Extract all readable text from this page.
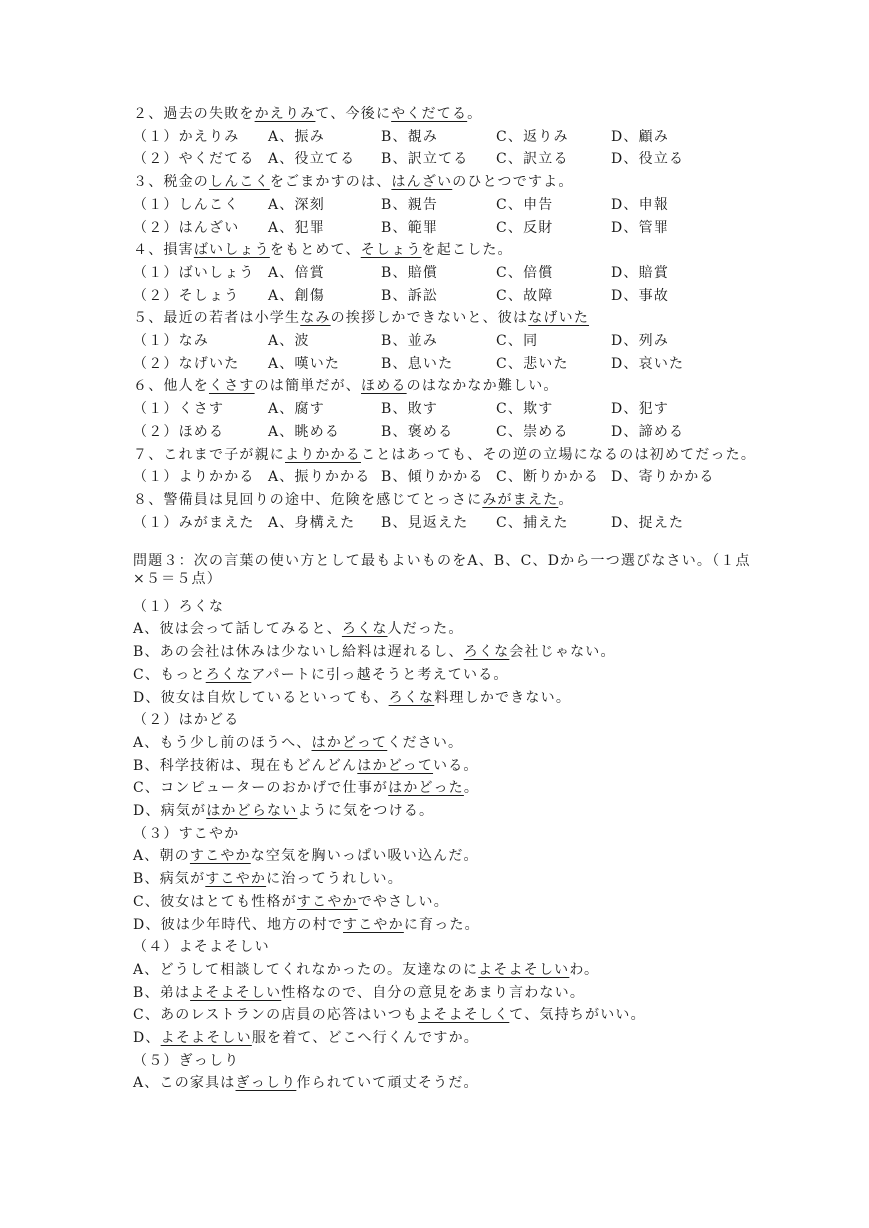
２、過去の失敗をかえりみて、今後にやくだてる。
（１）かえりみ A、振み	B、覩み	C、返りみ	D、顧み
（２）やくだてる A、役立てる B、訳立てる C、訳立る	D、役立る
３、税金のしんこくをごまかすのは、はんざいのひとつですよ。
（１）しんこく A、深刻	B、親告	C、申告	D、申報
（２）はんざい A、犯罪	B、範罪	C、反財	D、管罪
４、損害ばいしょうをもとめて、そしょうを起こした。
（１）ばいしょう A、倍賞	B、賠償	C、倍償	D、賠賞
（２）そしょう A、創傷	B、訴訟	C、故障	D、事故
５、最近の若者は小学生なみの挨拶しかできないと、彼はなげいた
（１）なみ	A、波	B、並み	C、同	D、列み
（２）なげいた A、嘆いた	B、息いた	C、悲いた	D、哀いた
６、他人をくさすのは簡単だが、ほめるのはなかなか難しい。
（１）くさす	A、腐す	B、敗す	C、欺す	D、犯す
（２）ほめる	A、眺める	B、褒める	C、崇める	D、諦める
７、これまで子が親によりかかることはあっても、その逆の立場になるのは初めてだった。
（１）よりかかる A、振りかかる B、傾りかかる C、断りかかる D、寄りかかる
８、警備員は見回りの途中、危険を感じてとっさにみがまえた。
（１）みがまえた A、身構えた B、見返えた C、捕えた	D、捉えた
問題３：次の言葉の使い方として最もよいものをA、B、C、Dから一つ選びなさい。（１点×５＝５点）
（１）ろくな
A、彼は会って話してみると、ろくな人だった。
B、あの会社は休みは少ないし給料は遅れるし、ろくな会社じゃない。
C、もっとろくなアパートに引っ越そうと考えている。
D、彼女は自炊しているといっても、ろくな料理しかできない。
（２）はかどる
A、もう少し前のほうへ、はかどってください。
B、科学技術は、現在もどんどんはかどっている。
C、コンピューターのおかげで仕事がはかどった。
D、病気がはかどらないように気をつける。
（３）すこやか
A、朝のすこやかな空気を胸いっぱい吸い込んだ。
B、病気がすこやかに治ってうれしい。
C、彼女はとても性格がすこやかでやさしい。
D、彼は少年時代、地方の村ですこやかに育った。
（４）よそよそしい
A、どうして相談してくれなかったの。友達なのによそよそしいわ。
B、弟はよそよそしい性格なので、自分の意見をあまり言わない。
C、あのレストランの店員の応答はいつもよそよそしくて、気持ちがいい。
D、よそよそしい服を着て、どこへ行くんですか。
（５）ぎっしり
A、この家具はぎっしり作られていて頑丈そうだ。
